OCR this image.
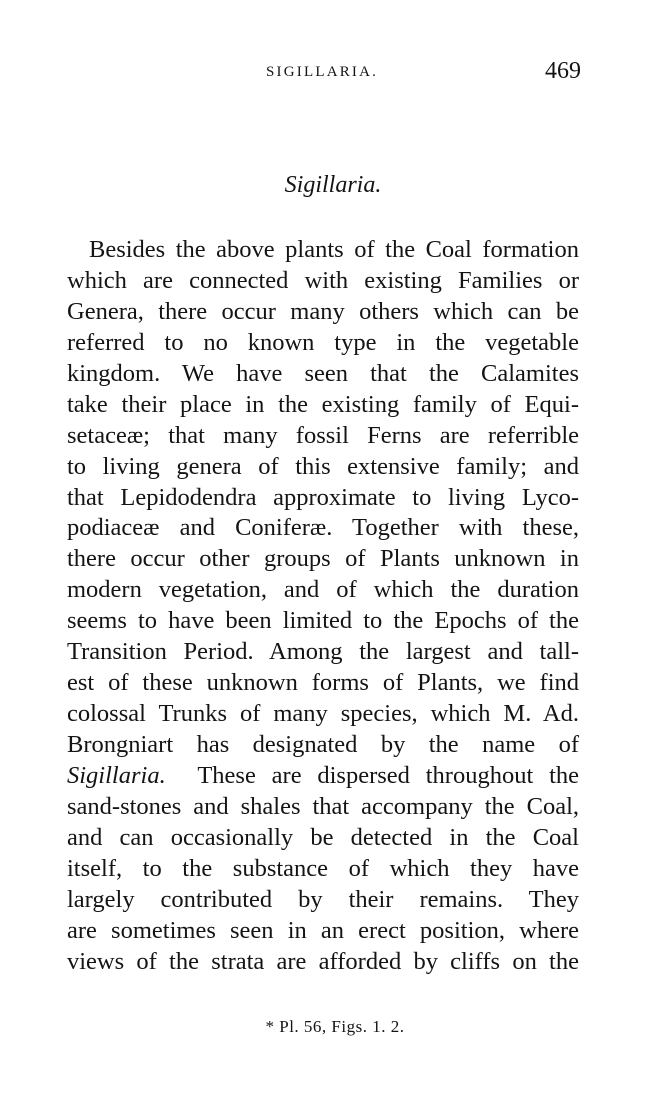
SIGILLARIA.	469
Sigillaria.
Besides the above plants of the Coal formation
which are connected with existing Families or
Genera, there occur many others which can be
referred to no known type in the vegetable
kingdom. We have seen that the Calamites
take their place in the existing family of Equi-
setaceæ; that many fossil Ferns are referrible
to living genera of this extensive family; and
that Lepidodendra approximate to living Lyco-
podiaceæ and Coniferæ. Together with these,
there occur other groups of Plants unknown in
modern vegetation, and of which the duration
seems to have been limited to the Epochs of the
Transition Period. Among the largest and tall-
est of these unknown forms of Plants, we find
colossal Trunks of many species, which M. Ad.
Brongniart has designated by the name of
Sigillaria. These are dispersed throughout the
sand-stones and shales that accompany the Coal,
and can occasionally be detected in the Coal
itself, to the substance of which they have
largely contributed by their remains. They
are sometimes seen in an erect position, where
views of the strata are afforded by cliffs on the
* Pl. 56, Figs. 1. 2.
